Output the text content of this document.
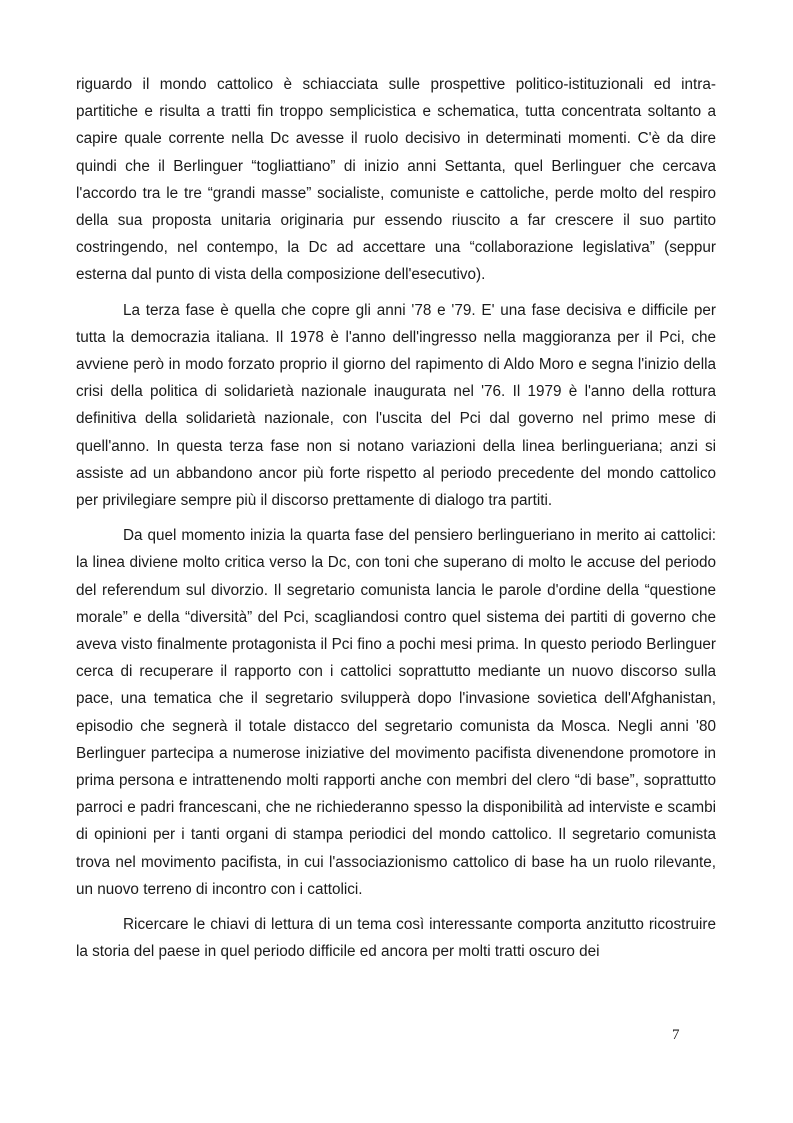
riguardo il mondo cattolico è schiacciata sulle prospettive politico-istituzionali ed intra-partitiche e risulta a tratti fin troppo semplicistica e schematica, tutta concentrata soltanto a capire quale corrente nella Dc avesse il ruolo decisivo in determinati momenti. C'è da dire quindi che il Berlinguer “togliattiano” di inizio anni Settanta, quel Berlinguer che cercava l'accordo tra le tre “grandi masse” socialiste, comuniste e cattoliche, perde molto del respiro della sua proposta unitaria originaria pur essendo riuscito a far crescere il suo partito costringendo, nel contempo, la Dc ad accettare una “collaborazione legislativa” (seppur esterna dal punto di vista della composizione dell'esecutivo).

La terza fase è quella che copre gli anni '78 e '79. E' una fase decisiva e difficile per tutta la democrazia italiana. Il 1978 è l'anno dell'ingresso nella maggioranza per il Pci, che avviene però in modo forzato proprio il giorno del rapimento di Aldo Moro e segna l'inizio della crisi della politica di solidarietà nazionale inaugurata nel '76. Il 1979 è l'anno della rottura definitiva della solidarietà nazionale, con l'uscita del Pci dal governo nel primo mese di quell'anno. In questa terza fase non si notano variazioni della linea berlingueriana; anzi si assiste ad un abbandono ancor più forte rispetto al periodo precedente del mondo cattolico per privilegiare sempre più il discorso prettamente di dialogo tra partiti.

Da quel momento inizia la quarta fase del pensiero berlingueriano in merito ai cattolici: la linea diviene molto critica verso la Dc, con toni che superano di molto le accuse del periodo del referendum sul divorzio. Il segretario comunista lancia le parole d'ordine della “questione morale” e della “diversità” del Pci, scagliandosi contro quel sistema dei partiti di governo che aveva visto finalmente protagonista il Pci fino a pochi mesi prima. In questo periodo Berlinguer cerca di recuperare il rapporto con i cattolici soprattutto mediante un nuovo discorso sulla pace, una tematica che il segretario svilupperà dopo l'invasione sovietica dell'Afghanistan, episodio che segnerà il totale distacco del segretario comunista da Mosca. Negli anni '80 Berlinguer partecipa a numerose iniziative del movimento pacifista divenendone promotore in prima persona e intrattenendo molti rapporti anche con membri del clero “di base”, soprattutto parroci e padri francescani, che ne richiederanno spesso la disponibilità ad interviste e scambi di opinioni per i tanti organi di stampa periodici del mondo cattolico. Il segretario comunista trova nel movimento pacifista, in cui l'associazionismo cattolico di base ha un ruolo rilevante, un nuovo terreno di incontro con i cattolici.

Ricercare le chiavi di lettura di un tema così interessante comporta anzitutto ricostruire la storia del paese in quel periodo difficile ed ancora per molti tratti oscuro dei

7
